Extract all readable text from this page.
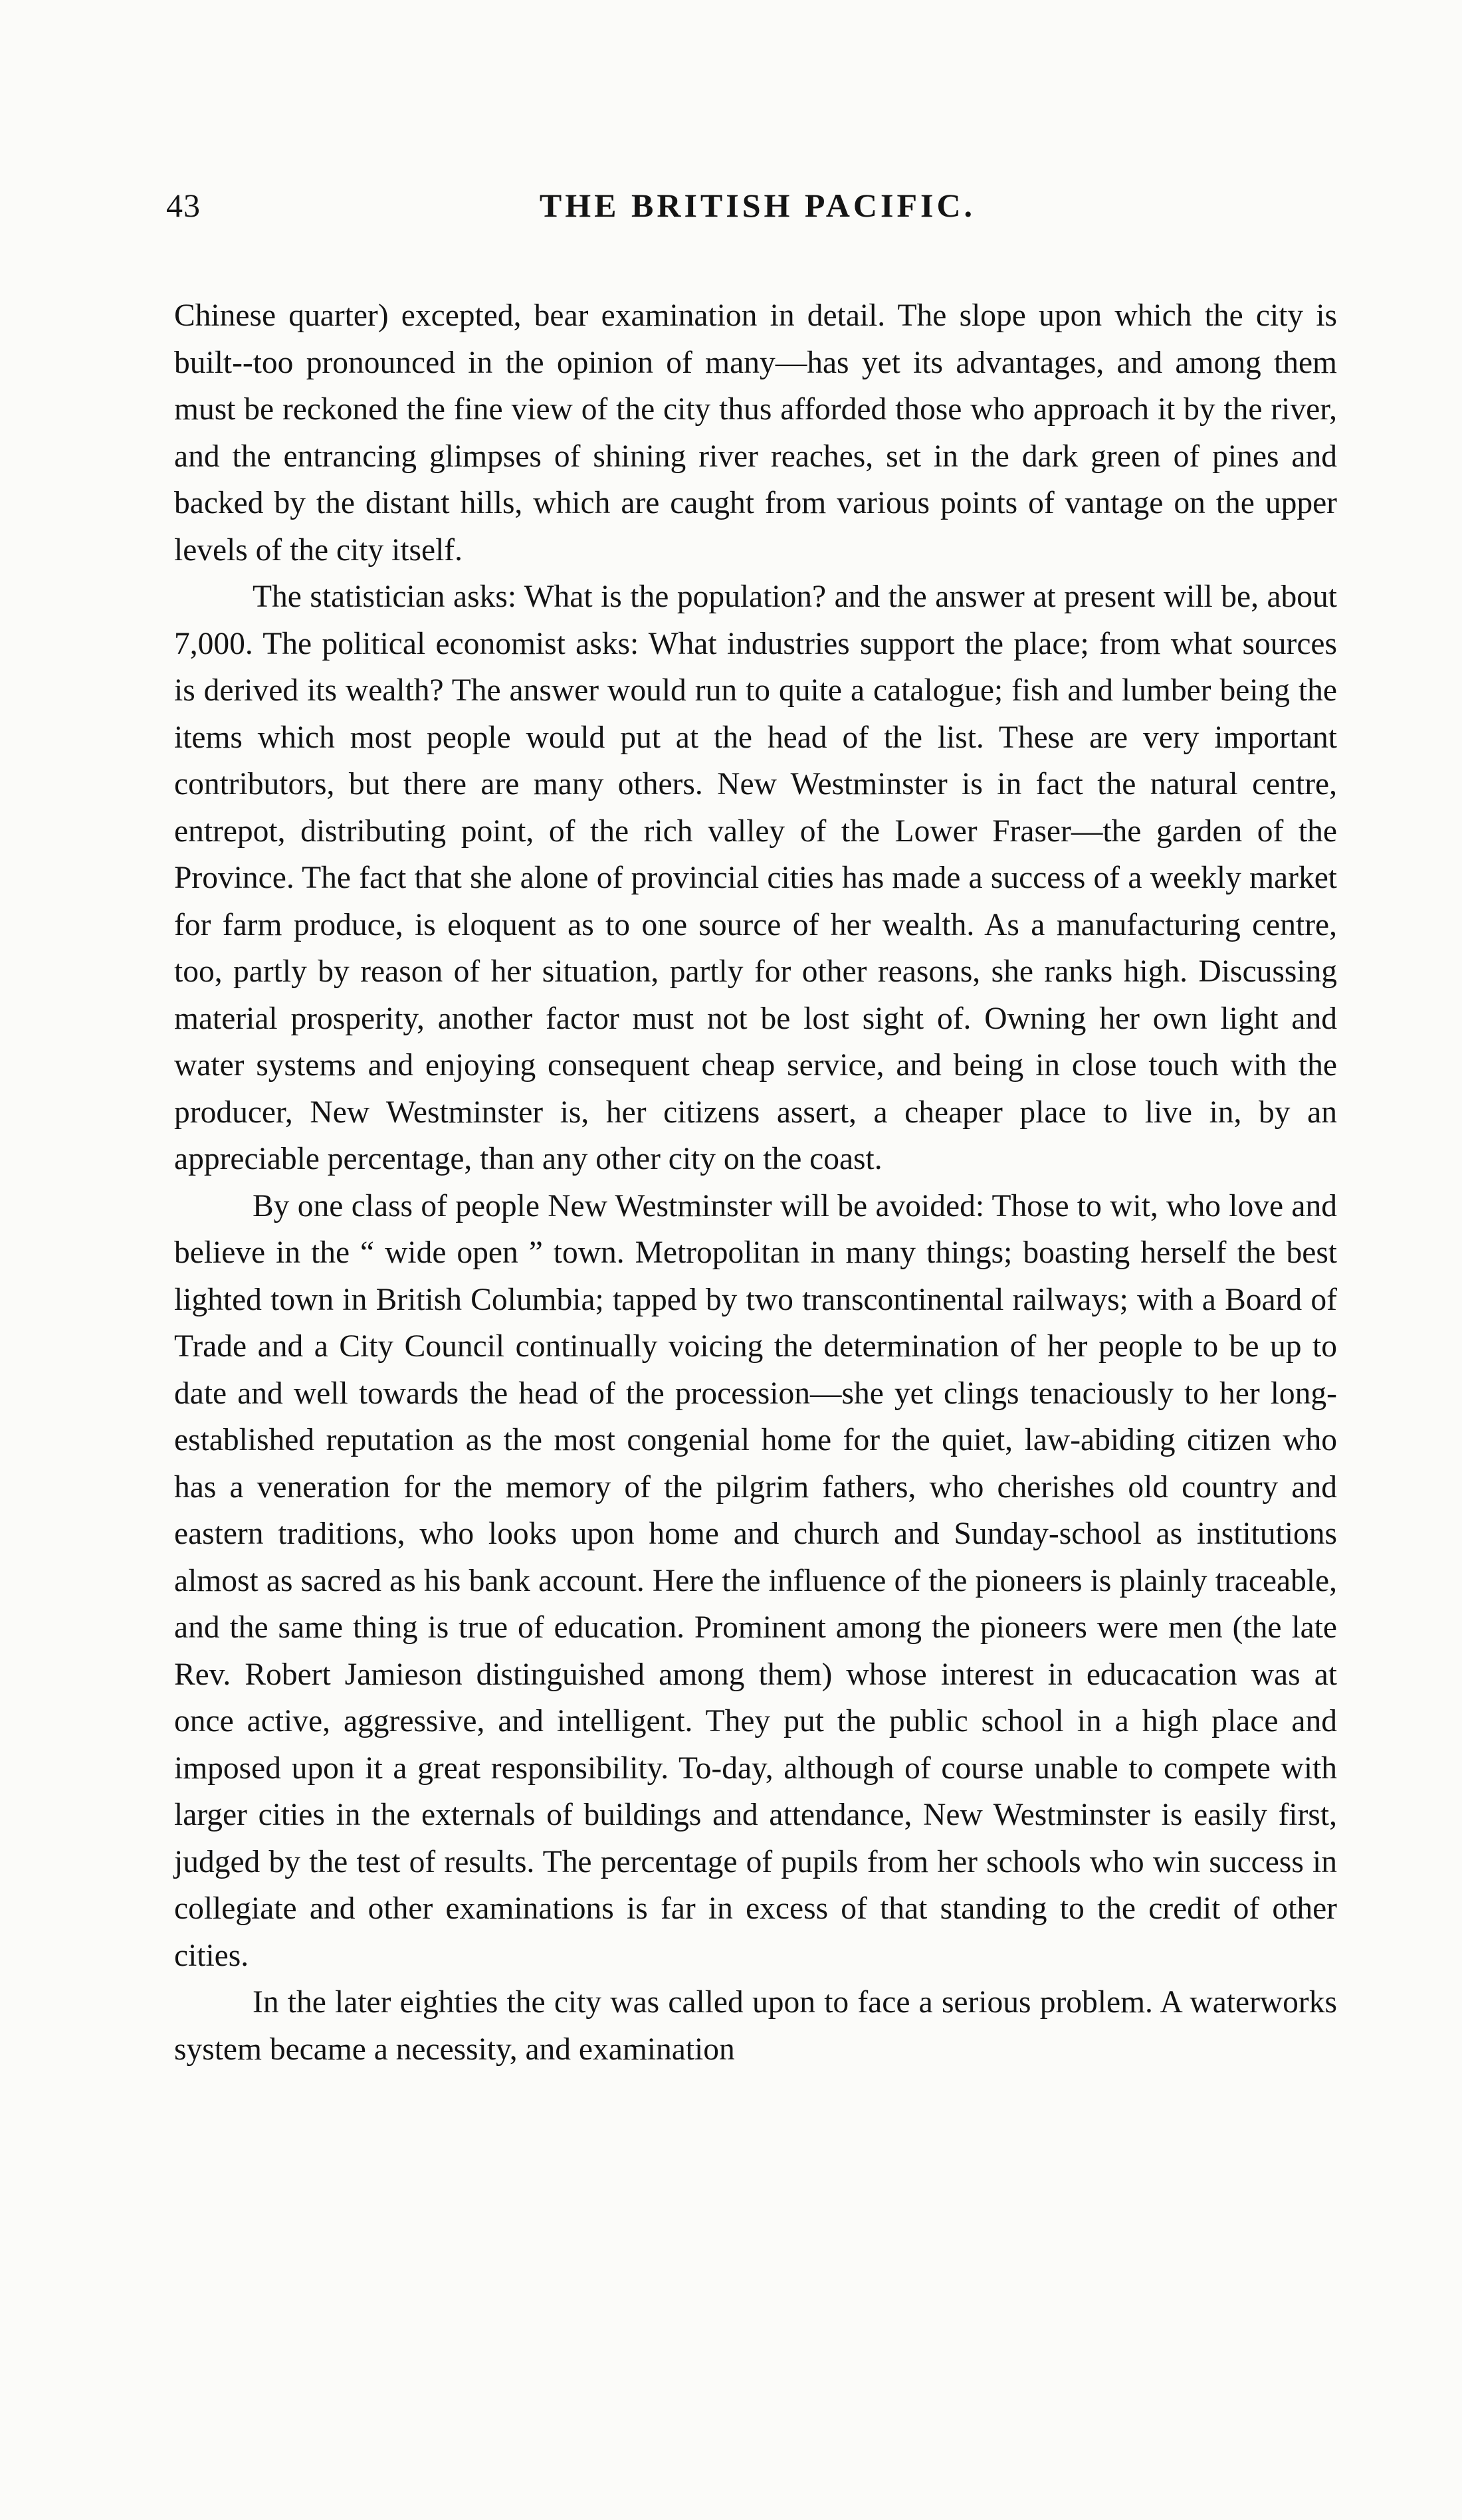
43	THE BRITISH PACIFIC.

Chinese quarter) excepted, bear examination in detail. The slope upon which the city is built--too pronounced in the opinion of many—has yet its advantages, and among them must be reckoned the fine view of the city thus afforded those who approach it by the river, and the entrancing glimpses of shining river reaches, set in the dark green of pines and backed by the distant hills, which are caught from various points of vantage on the upper levels of the city itself.

The statistician asks: What is the population? and the answer at present will be, about 7,000. The political economist asks: What industries support the place; from what sources is derived its wealth? The answer would run to quite a catalogue; fish and lumber being the items which most people would put at the head of the list. These are very important contributors, but there are many others. New Westminster is in fact the natural centre, entrepot, distributing point, of the rich valley of the Lower Fraser—the garden of the Province. The fact that she alone of provincial cities has made a success of a weekly market for farm produce, is eloquent as to one source of her wealth. As a manufacturing centre, too, partly by reason of her situation, partly for other reasons, she ranks high. Discussing material prosperity, another factor must not be lost sight of. Owning her own light and water systems and enjoying consequent cheap service, and being in close touch with the producer, New Westminster is, her citizens assert, a cheaper place to live in, by an appreciable percentage, than any other city on the coast.

By one class of people New Westminster will be avoided: Those to wit, who love and believe in the “ wide open ” town. Metropolitan in many things; boasting herself the best lighted town in British Columbia; tapped by two transcontinental railways; with a Board of Trade and a City Council continually voicing the determination of her people to be up to date and well towards the head of the procession—she yet clings tenaciously to her long-established reputation as the most congenial home for the quiet, law-abiding citizen who has a veneration for the memory of the pilgrim fathers, who cherishes old country and eastern traditions, who looks upon home and church and Sunday-school as institutions almost as sacred as his bank account. Here the influence of the pioneers is plainly traceable, and the same thing is true of education. Prominent among the pioneers were men (the late Rev. Robert Jamieson distinguished among them) whose interest in educacation was at once active, aggressive, and intelligent. They put the public school in a high place and imposed upon it a great responsibility. To-day, although of course unable to compete with larger cities in the externals of buildings and attendance, New Westminster is easily first, judged by the test of results. The percentage of pupils from her schools who win success in collegiate and other examinations is far in excess of that standing to the credit of other cities.

In the later eighties the city was called upon to face a serious problem. A waterworks system became a necessity, and examination
